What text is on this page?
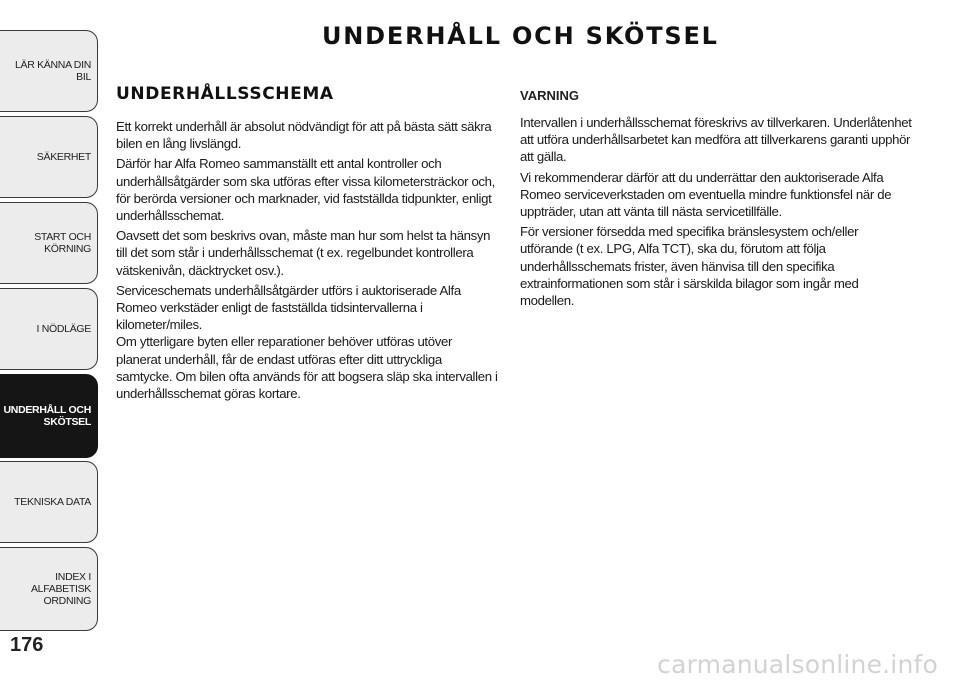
LÄR KÄNNA DIN BIL
SÄKERHET
START OCH
KÖRNING
I NÖDLÄGE
UNDERHÅLL OCH
SKÖTSEL
TEKNISKA DATA
INDEX I ALFABETISK
ORDNING
176
UNDERHÅLL OCH SKÖTSEL
UNDERHÅLLSSCHEMA

Ett korrekt underhåll är absolut nödvändigt för att på bästa sätt säkra bilen en lång livslängd.

Därför har Alfa Romeo sammanställt ett antal kontroller och underhållsåtgärder som ska utföras efter vissa kilometersträckor och, för berörda versioner och marknader, vid fastställda tidpunkter, enligt underhållsschemat.

Oavsett det som beskrivs ovan, måste man hur som helst ta hänsyn till det som står i underhållsschemat (t ex. regelbundet kontrollera vätskenivån, däcktrycket osv.).

Serviceschemats underhållsåtgärder utförs i auktoriserade Alfa Romeo verkstäder enligt de fastställda tidsintervallerna i kilometer/miles.

Om ytterligare byten eller reparationer behöver utföras utöver planerat underhåll, får de endast utföras efter ditt uttryckliga samtycke. Om bilen ofta används för att bogsera släp ska intervallen i underhållsschemat göras kortare.

VARNING

Intervallen i underhållsschemat föreskrivs av tillverkaren. Underlåtenhet att utföra underhållsarbetet kan medföra att tillverkarens garanti upphör att gälla.

Vi rekommenderar därför att du underrättar den auktoriserade Alfa Romeo serviceverkstaden om eventuella mindre funktionsfel när de uppträder, utan att vänta till nästa servicetillfälle.

För versioner försedda med specifika bränslesystem och/eller utförande (t ex. LPG, Alfa TCT), ska du, förutom att följa underhållsschemats frister, även hänvisa till den specifika extrainformationen som står i särskilda bilagor som ingår med modellen.

carmanualsonline.info
